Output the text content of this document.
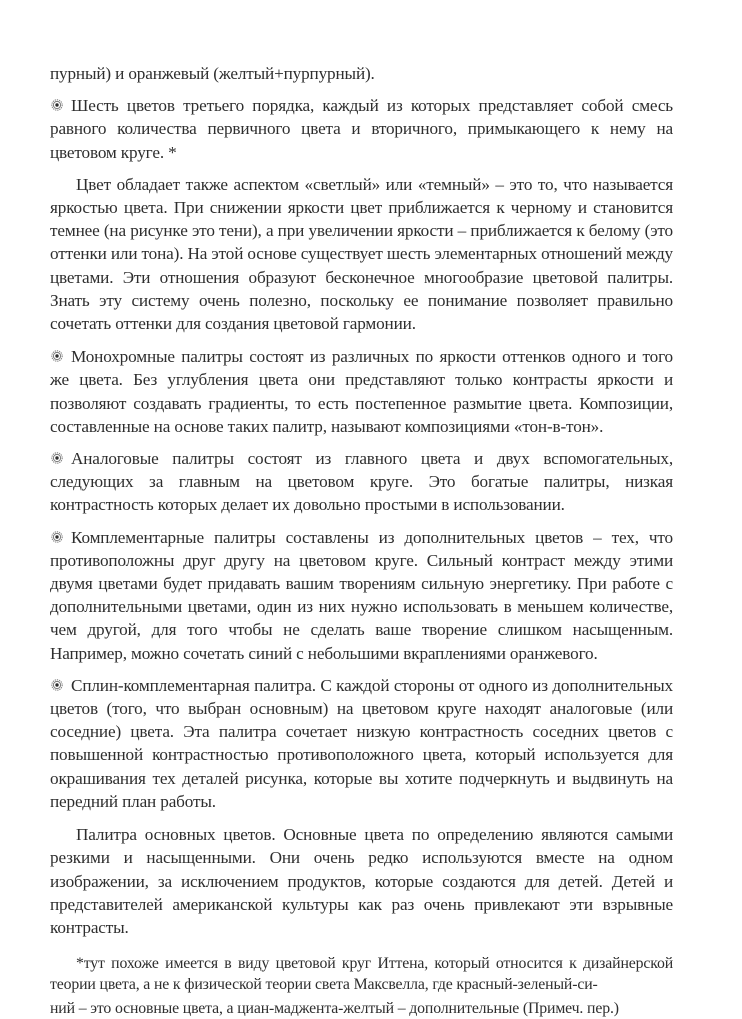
пурный) и оранжевый (желтый+пурпурный).

Шесть цветов третьего порядка, каждый из которых представляет собой смесь равного количества первичного цвета и вторичного, примыкающего к нему на цветовом круге. *

Цвет обладает также аспектом «светлый» или «темный» – это то, что называется яркостью цвета. При снижении яркости цвет приближается к черному и становится темнее (на рисунке это тени), а при увеличении яркости – приближается к белому (это оттенки или тона). На этой основе существует шесть элементарных отношений между цветами. Эти отношения образуют бесконечное многообразие цветовой палитры. Знать эту систему очень полезно, поскольку ее понимание позволяет правильно сочетать оттенки для создания цветовой гармонии.

Монохромные палитры состоят из различных по яркости оттенков одного и того же цвета. Без углубления цвета они представляют только контрасты яркости и позволяют создавать градиенты, то есть постепенное размытие цвета. Композиции, составленные на основе таких палитр, называют композициями «тон-в-тон».

Аналоговые палитры состоят из главного цвета и двух вспомогательных, следующих за главным на цветовом круге. Это богатые палитры, низкая контрастность которых делает их довольно простыми в использовании.

Комплементарные палитры составлены из дополнительных цветов – тех, что противоположны друг другу на цветовом круге. Сильный контраст между этими двумя цветами будет придавать вашим творениям сильную энергетику. При работе с дополнительными цветами, один из них нужно использовать в меньшем количестве, чем другой, для того чтобы не сделать ваше творение слишком насыщенным. Например, можно сочетать синий с небольшими вкраплениями оранжевого.

Сплин-комплементарная палитра. С каждой стороны от одного из дополнительных цветов (того, что выбран основным) на цветовом круге находят аналоговые (или соседние) цвета. Эта палитра сочетает низкую контрастность соседних цветов с повышенной контрастностью противоположного цвета, который используется для окрашивания тех деталей рисунка, которые вы хотите подчеркнуть и выдвинуть на передний план работы.

Палитра основных цветов. Основные цвета по определению являются самыми резкими и насыщенными. Они очень редко используются вместе на одном изображении, за исключением продуктов, которые создаются для детей. Детей и представителей американской культуры как раз очень привлекают эти взрывные контрасты.

*тут похоже имеется в виду цветовой круг Иттена, который относится к дизайнерской теории цвета, а не к физической теории света Максвелла, где красный-зеленый-си-
ний – это основные цвета, а циан-маджента-желтый – дополнительные (Примеч. пер.)
